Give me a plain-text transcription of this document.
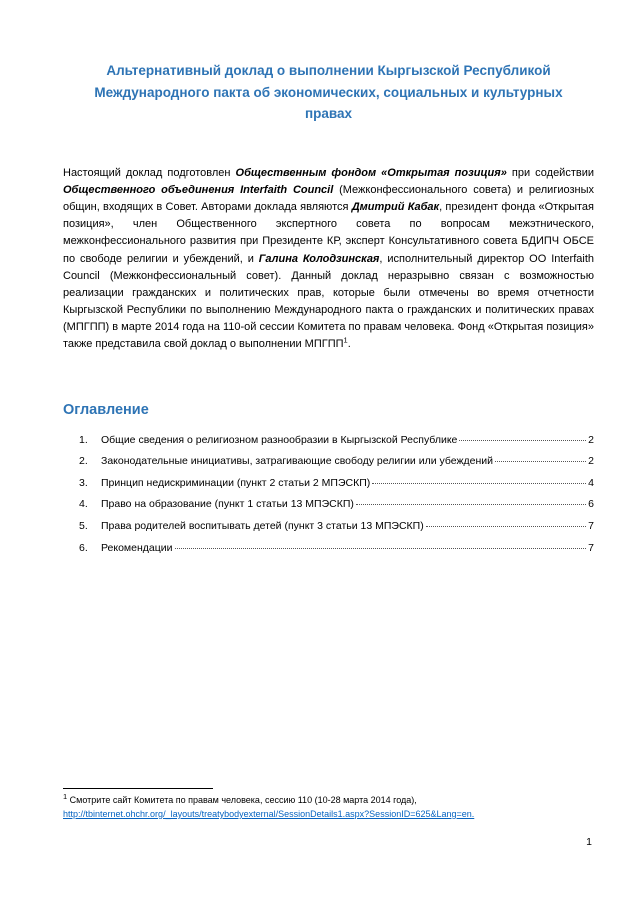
Альтернативный доклад о выполнении Кыргызской Республикой Международного пакта об экономических, социальных и культурных правах

Настоящий доклад подготовлен Общественным фондом «Открытая позиция» при содействии Общественного объединения Interfaith Council (Межконфессионального совета) и религиозных общин, входящих в Совет. Авторами доклада являются Дмитрий Кабак, президент фонда «Открытая позиция», член Общественного экспертного совета по вопросам межэтнического, межконфессионального развития при Президенте КР, эксперт Консультативного совета БДИПЧ ОБСЕ по свободе религии и убеждений, и Галина Колодзинская, исполнительный директор ОО Interfaith Council (Межконфессиональный совет). Данный доклад неразрывно связан с возможностью реализации гражданских и политических прав, которые были отмечены во время отчетности Кыргызской Республики по выполнению Международного пакта о гражданских и политических правах (МПГПП) в марте 2014 года на 110-ой сессии Комитета по правам человека. Фонд «Открытая позиция» также представила свой доклад о выполнении МПГПП$^1$.

Оглавление
1.	Общие сведения о религиозном разнообразии в Кыргызской Республике	2
2.	Законодательные инициативы, затрагивающие свободу религии или убеждений	2
3.	Принцип недискриминации (пункт 2 статьи 2 МПЭСКП)	4
4.	Право на образование (пункт 1 статьи 13 МПЭСКП)	6
5.	Права родителей воспитывать детей (пункт 3 статьи 13 МПЭСКП)	7
6.	Рекомендации	7

$^1$ Смотрите сайт Комитета по правам человека, сессию 110 (10-28 марта 2014 года),
http://tbinternet.ohchr.org/_layouts/treatybodyexternal/SessionDetails1.aspx?SessionID=625&Lang=en.

1
